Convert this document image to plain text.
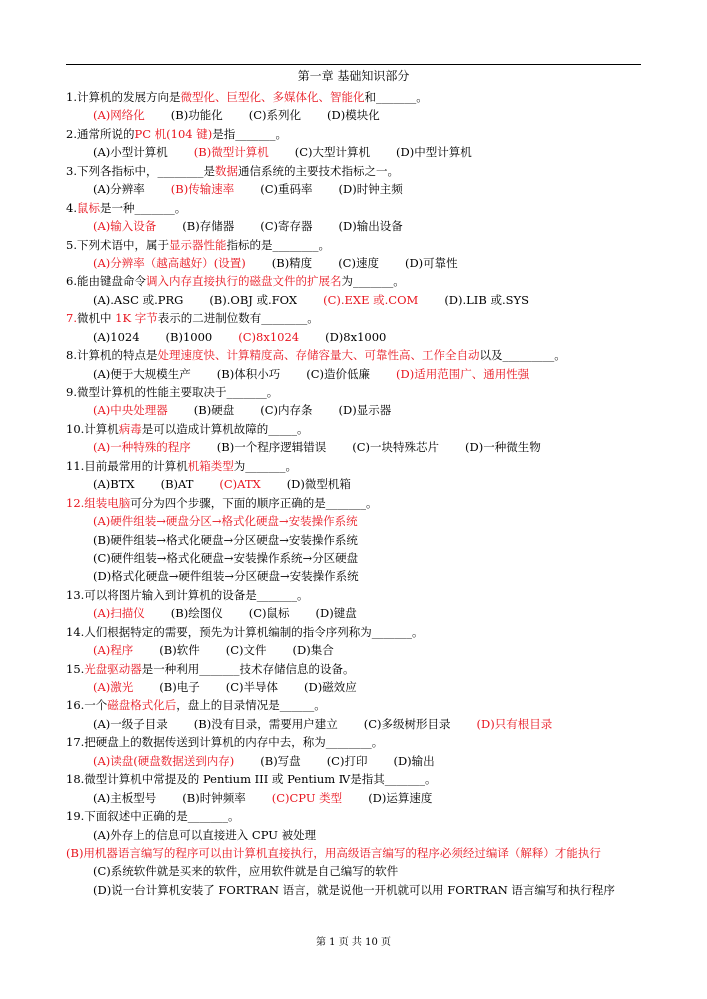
第一章 基础知识部分
1.计算机的发展方向是微型化、巨型化、多媒体化、智能化和_______。
(A)网络化 (B)功能化 (C)系列化 (D)模块化
2.通常所说的PC 机(104 键)是指_______。
(A)小型计算机 (B)微型计算机 (C)大型计算机 (D)中型计算机
3.下列各指标中，________是数据通信系统的主要技术指标之一。
(A)分辨率 (B)传输速率 (C)重码率 (D)时钟主频
4.鼠标是一种_______。
(A)输入设备 (B)存储器 (C)寄存器 (D)输出设备
5.下列术语中，属于显示器性能指标的是________。
(A)分辨率（越高越好）(设置) (B)精度 (C)速度 (D)可靠性
6.能由键盘命令调入内存直接执行的磁盘文件的扩展名为_______。
(A).ASC 或.PRG (B).OBJ 或.FOX (C).EXE 或.COM (D).LIB 或.SYS
7.微机中 1K 字节表示的二进制位数有________。
(A)1024 (B)1000 (C)8x1024 (D)8x1000
8.计算机的特点是处理速度快、计算精度高、存储容量大、可靠性高、工作全自动以及_________。
(A)便于大规模生产 (B)体积小巧 (C)造价低廉 (D)适用范围广、通用性强
9.微型计算机的性能主要取决于_______。
(A)中央处理器 (B)硬盘 (C)内存条 (D)显示器
10.计算机病毒是可以造成计算机故障的_____。
(A)一种特殊的程序 (B)一个程序逻辑错误 (C)一块特殊芯片 (D)一种微生物
11.目前最常用的计算机机箱类型为_______。
(A)BTX (B)AT (C)ATX (D)微型机箱
12.组装电脑可分为四个步骤，下面的顺序正确的是_______。
(A)硬件组装→硬盘分区→格式化硬盘→安装操作系统
(B)硬件组装→格式化硬盘→分区硬盘→安装操作系统
(C)硬件组装→格式化硬盘→安装操作系统→分区硬盘
(D)格式化硬盘→硬件组装→分区硬盘→安装操作系统
13.可以将图片输入到计算机的设备是_______。
(A)扫描仪 (B)绘图仪 (C)鼠标 (D)键盘
14.人们根据特定的需要，预先为计算机编制的指令序列称为_______。
(A)程序 (B)软件 (C)文件 (D)集合
15.光盘驱动器是一种利用_______技术存储信息的设备。
(A)激光 (B)电子 (C)半导体 (D)磁效应
16.一个磁盘格式化后，盘上的目录情况是______。
(A)一级子目录 (B)没有目录，需要用户建立 (C)多级树形目录 (D)只有根目录
17.把硬盘上的数据传送到计算机的内存中去，称为________。
(A)读盘(硬盘数据送到内存) (B)写盘 (C)打印 (D)输出
18.微型计算机中常提及的 Pentium III 或 Pentium Ⅳ是指其_______。
(A)主板型号 (B)时钟频率 (C)CPU 类型 (D)运算速度
19.下面叙述中正确的是_______。
(A)外存上的信息可以直接进入 CPU 被处理
(B)用机器语言编写的程序可以由计算机直接执行，用高级语言编写的程序必须经过编译（解释）才能执行
(C)系统软件就是买来的软件，应用软件就是自己编写的软件
(D)说一台计算机安装了 FORTRAN 语言，就是说他一开机就可以用 FORTRAN 语言编写和执行程序
第 1 页 共 10 页
